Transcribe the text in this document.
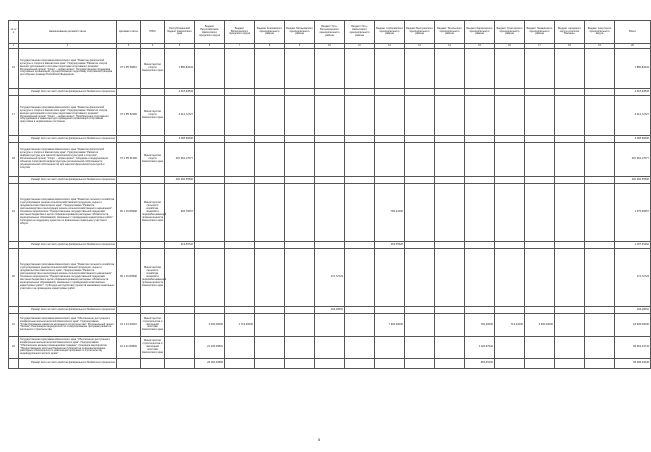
№ п/п	Наименование целевой статьи	Целевая статья	ГРБС	Республиканский бюджет Камчатского края	Бюджет Петропавловск-Камчатского городского округа	Бюджет Вилючинского городского округа	Бюджет Елизовского муниципального района	Бюджет Мильковского муниципального района	Бюджет Усть-Большерецкого муниципального района	Бюджет Усть-Камчатского муниципального района	Бюджет Соболевского муниципального района	Бюджет Быстринского муниципального района	Бюджет Тигильского муниципального района	Бюджет Карагинского муниципального района	Бюджет Олюторского муниципального района	Бюджет Пенжинского муниципального района	Бюджет городского округа «поселок Палана»	Бюджет Алеутского муниципального округа	Всего
1	2	3	4	5	6	7	8	9	10	11	12	13	14	15	16	17	18	19	20
16	Государственная программа Камчатского края "Развитие физической культуры и спорта в Камчатском крае". Подпрограмма "Развитие спорта высших достижений и системы подготовки спортивного резерва". Региональный проект "Спорт – норма жизни". Государственная поддержка спортивных организаций, осуществляющих подготовку спортивного резерва для сборных команд Российской Федерации	07 2 P5 50810	Министерство спорта Камчатского края	1 880,83204															1 880,83204
	Размер доли за счет средств федерального бюджета в процентах			1 818,64544															1 818,64544
17	Государственная программа Камчатского края "Развитие физической культуры и спорта в Камчатском крае". Подпрограмма "Развитие спорта высших достижений и системы подготовки спортивного резерва". Региональный проект "Спорт – норма жизни". Приобретение спортивного оборудования и инвентаря для приведения организаций спортивной подготовки в нормативное состояние	07 2 P5 52290	Министерство спорта Камчатского края	4 412,72727															4 412,72727
	Размер доли за счет средств федерального бюджета в процентах			4 368,60000															4 368,60000
18	Государственная программа Камчатского края "Развитие физической культуры и спорта в Камчатском крае". Подпрограмма "Развитие инфраструктуры для занятий физической культурой и спортом". Региональный проект "Спорт – норма жизни". Создание и модернизация объектов спортивной инфраструктуры региональной собственности (муниципальной собственности) для занятий физической культурой и спортом	07 4 P5 51390	Министерство спорта Камчатского края	497 962,17677															497 962,17677
	Размер доли за счет средств федерального бюджета в процентах			492 982,55500															492 982,55500
19	Государственная программа Камчатского края "Развитие сельского хозяйства и регулирование рынков сельскохозяйственной продукции, сырья и продовольствия Камчатского края". Подпрограмма "Развитие растениеводства и мелиорации земель сельскохозяйственного назначения". Основное мероприятие "Предоставление государственной поддержки местным бюджетам в целях софинансирования расходных обязательств муниципальных образований, связанных с проведением кадастровых работ". Субсидии на поддержку проектов по вовлечению земельных участков в оборот	09 1 15 R5990	Министерство сельского хозяйства, пищевой и перерабатывающей промышленности Камчатского края	994,76657							783,21000								1 375,09657
	Размер доли за счет средств федерального бюджета в процентах			913,89732							363,55528								1 287,45462
20	Государственная программа Камчатского края "Развитие сельского хозяйства и регулирование рынков сельскохозяйственной продукции, сырья и продовольствия Камчатского края". Подпрограмма "Развитие растениеводства и мелиорации земель сельскохозяйственного назначения". Основное мероприятие "Предоставление государственной поддержки местным бюджетам в целях софинансирования расходных обязательств муниципальных образований, связанных с проведением комплексных кадастровых работ". Субсидии на подготовку проектов межевания земельных участков и на проведение кадастровых работ	09 1 15 R5990	Министерство сельского хозяйства, пищевой и перерабатывающей промышленности Камчатского края						172,72723										172,72723
	Размер доли за счет средств федерального бюджета в процентах								164,28052										164,28052
21	Государственная программа Камчатского края "Обеспечение доступным и комфортным жильем жителей Камчатского края". Подпрограмма "Стимулирование развития жилищного строительства". Региональный проект "Жилье". Реализация мероприятий по стимулированию программ развития жилищного строительства	10 1 F1 50210	Министерство строительства и жилищной политики Камчатского края		3 000,00000	1 719,60000					7 902,39000			760,00000	713,21000	3 600,00000			18 295,00000
22	Государственная программа Камчатского края "Обеспечение доступным и комфортным жильем жителей Камчатского края". Подпрограмма "Обеспечение жилыми помещениями граждан". Основное мероприятие "Предоставление местным бюджетам субсидий на софинансирование расходных обязательств по реализации программ по строительству индивидуального жилого дома"	10 4 01 R0820	Министерство строительства и жилищной политики Камчатского края		21 436,25831									1 126,97932					96 963,23744
	Размер доли за счет средств федерального бюджета в процентах				20 364,34568									652,45152					86 996,03236
5
